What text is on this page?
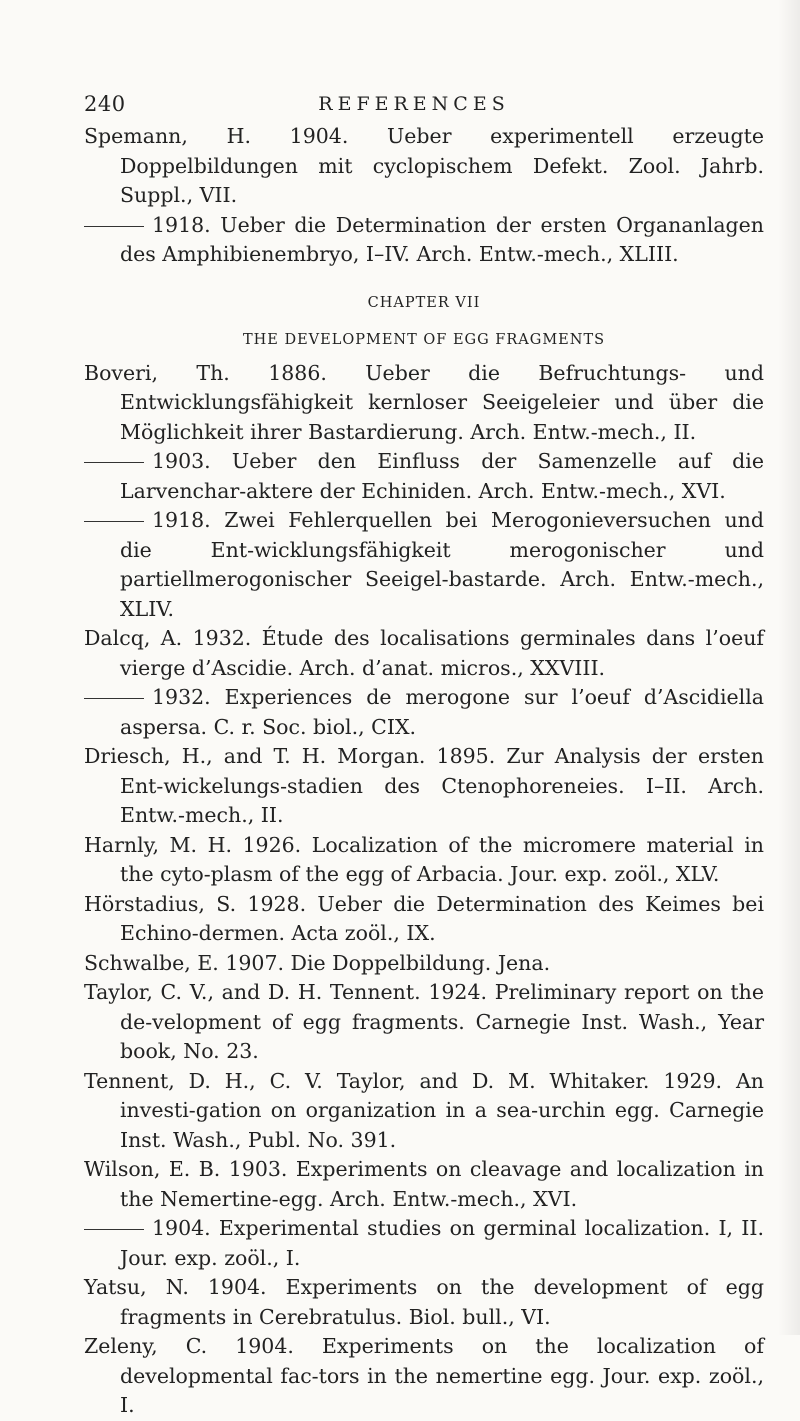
240	REFERENCES

Spemann, H. 1904. Ueber experimentell erzeugte Doppelbildungen mit cyclopischem Defekt. Zool. Jahrb. Suppl., VII.

1918. Ueber die Determination der ersten Organanlagen des Amphibienembryo, I–IV. Arch. Entw.-mech., XLIII.

CHAPTER VII
THE DEVELOPMENT OF EGG FRAGMENTS

Boveri, Th. 1886. Ueber die Befruchtungs- und Entwicklungsfähigkeit kernloser Seeigeleier und über die Möglichkeit ihrer Bastardierung. Arch. Entw.-mech., II.

1903. Ueber den Einfluss der Samenzelle auf die Larvenchar-aktere der Echiniden. Arch. Entw.-mech., XVI.

1918. Zwei Fehlerquellen bei Merogonieversuchen und die Ent-wicklungsfähigkeit merogonischer und partiellmerogonischer Seeigel-bastarde. Arch. Entw.-mech., XLIV.

Dalcq, A. 1932. Étude des localisations germinales dans l’oeuf vierge d’Ascidie. Arch. d’anat. micros., XXVIII.

1932. Experiences de merogone sur l’oeuf d’Ascidiella aspersa. C. r. Soc. biol., CIX.

Driesch, H., and T. H. Morgan. 1895. Zur Analysis der ersten Ent-wickelungs-stadien des Ctenophoreneies. I–II. Arch. Entw.-mech., II.

Harnly, M. H. 1926. Localization of the micromere material in the cyto-plasm of the egg of Arbacia. Jour. exp. zoöl., XLV.

Hörstadius, S. 1928. Ueber die Determination des Keimes bei Echino-dermen. Acta zoöl., IX.

Schwalbe, E. 1907. Die Doppelbildung. Jena.

Taylor, C. V., and D. H. Tennent. 1924. Preliminary report on the de-velopment of egg fragments. Carnegie Inst. Wash., Year book, No. 23.

Tennent, D. H., C. V. Taylor, and D. M. Whitaker. 1929. An investi-gation on organization in a sea-urchin egg. Carnegie Inst. Wash., Publ. No. 391.

Wilson, E. B. 1903. Experiments on cleavage and localization in the Nemertine-egg. Arch. Entw.-mech., XVI.

1904. Experimental studies on germinal localization. I, II. Jour. exp. zoöl., I.

Yatsu, N. 1904. Experiments on the development of egg fragments in Cerebratulus. Biol. bull., VI.

Zeleny, C. 1904. Experiments on the localization of developmental fac-tors in the nemertine egg. Jour. exp. zoöl., I.
